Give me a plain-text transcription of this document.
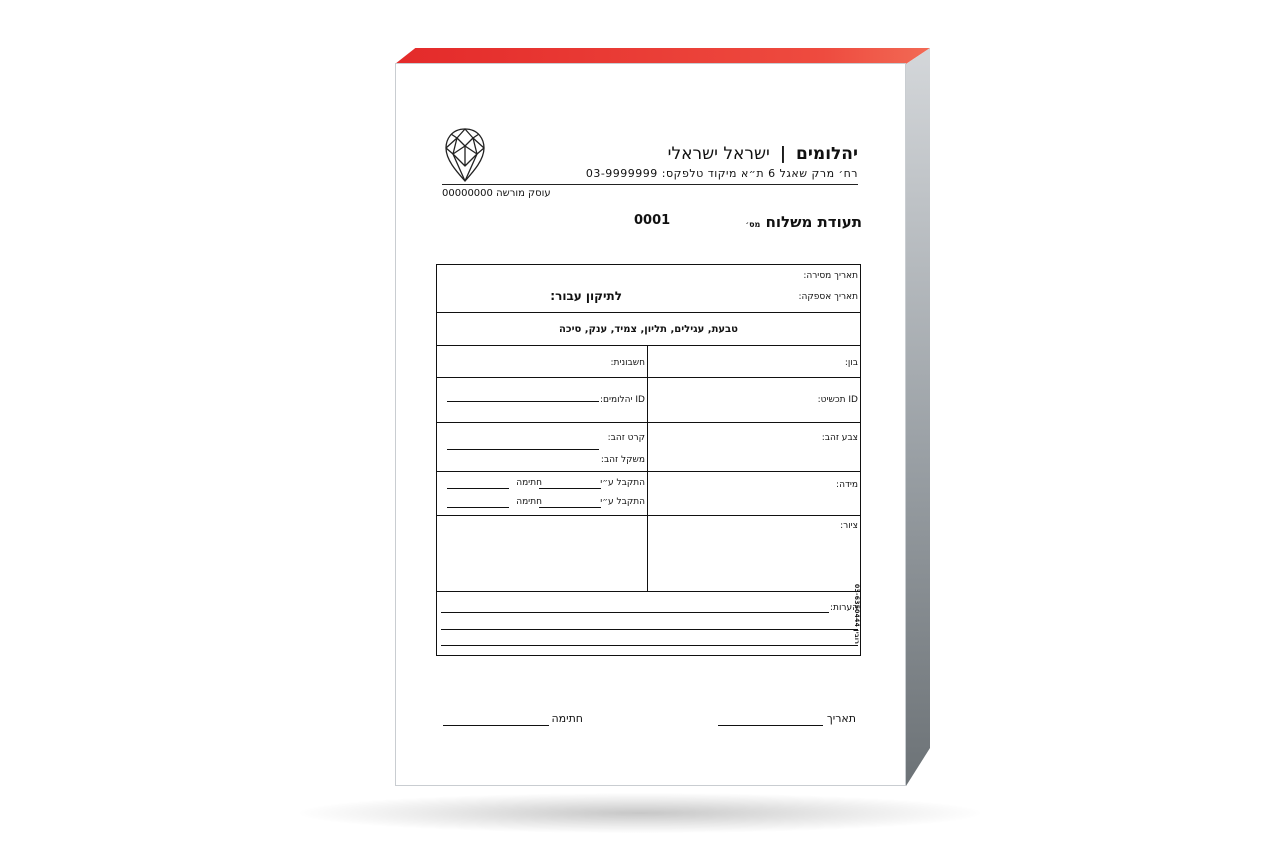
יהלומים|ישראל ישראלי
רח׳ מרק שאגל 6 ת״א מיקוד טלפקס: 03-9999999
עוסק מורשה 00000000
תעודת משלוח מס׳
0001
תאריך מסירה:
תאריך אספקה:
לתיקון עבור:
טבעת, עגילים, תליון, צמיד, ענק, סיכה
בון:
חשבונית:
ID תכשיט:
ID יהלומים:
צבע זהב:
קרט זהב:
משקל זהב:
מידה:
התקבל ע״י
חתימה
התקבל ע״י
חתימה
ציור:
הערות:
רובין 03-6350444
תאריך
חתימה
